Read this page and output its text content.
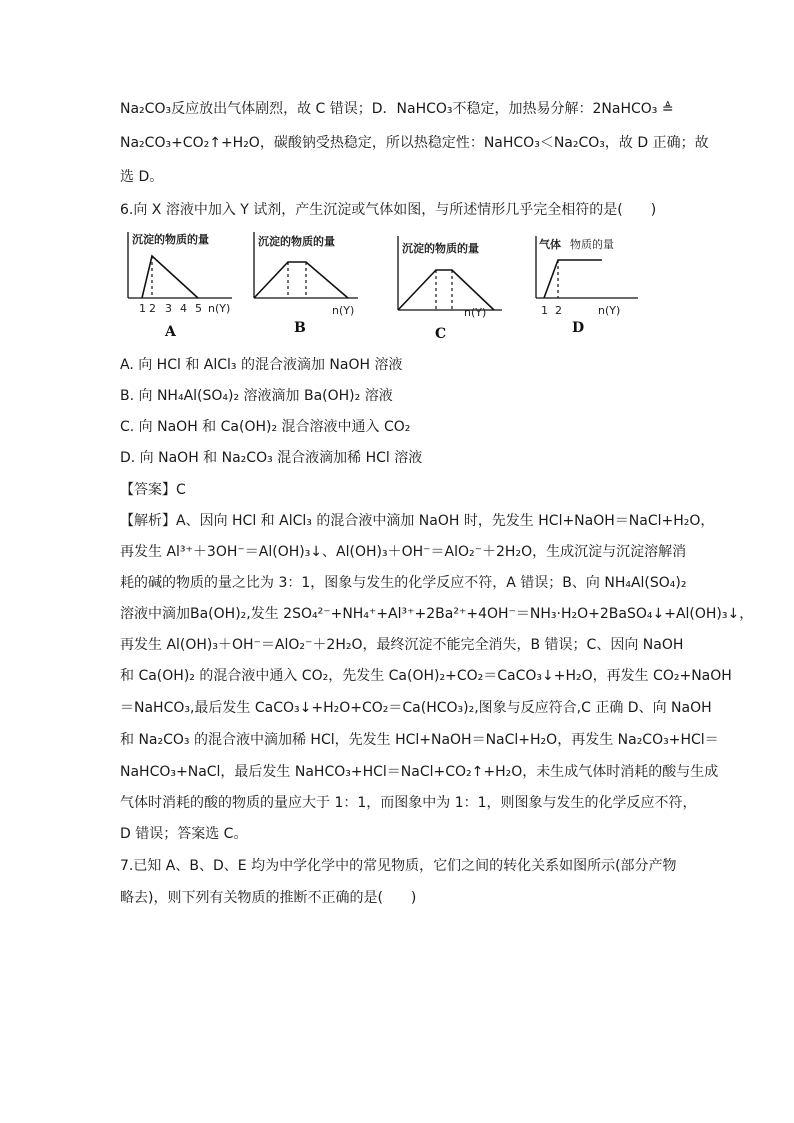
Na₂CO₃反应放出气体剧烈，故 C 错误；D．NaHCO₃不稳定，加热易分解：2NaHCO₃ ≜
Na₂CO₃+CO₂↑+H₂O，碳酸钠受热稳定，所以热稳定性：NaHCO₃＜Na₂CO₃，故 D 正确；故
选 D。
6.向 X 溶液中加入 Y 试剂，产生沉淀或气体如图，与所述情形几乎完全相符的是(　　)
沉淀的物质的量
1 2 3 4 5 n(Y)
A
沉淀的物质的量
n(Y)
B
沉淀的物质的量
n(Y)
C
气体 物质的量
1 2	n(Y)
D
A. 向 HCl 和 AlCl₃ 的混合液滴加 NaOH 溶液
B. 向 NH₄Al(SO₄)₂ 溶液滴加 Ba(OH)₂ 溶液
C. 向 NaOH 和 Ca(OH)₂ 混合溶液中通入 CO₂
D. 向 NaOH 和 Na₂CO₃ 混合液滴加稀 HCl 溶液
【答案】C
【解析】A、因向 HCl 和 AlCl₃ 的混合液中滴加 NaOH 时，先发生 HCl+NaOH＝NaCl+H₂O，
再发生 Al³⁺＋3OH⁻＝Al(OH)₃↓、Al(OH)₃＋OH⁻＝AlO₂⁻＋2H₂O，生成沉淀与沉淀溶解消
耗的碱的物质的量之比为 3：1，图象与发生的化学反应不符，A 错误；B、向 NH₄Al(SO₄)₂
溶液中滴加Ba(OH)₂,发生 2SO₄²⁻+NH₄⁺+Al³⁺+2Ba²⁺+4OH⁻＝NH₃·H₂O+2BaSO₄↓+Al(OH)₃↓，
再发生 Al(OH)₃＋OH⁻＝AlO₂⁻＋2H₂O，最终沉淀不能完全消失，B 错误；C、因向 NaOH
和 Ca(OH)₂ 的混合液中通入 CO₂，先发生 Ca(OH)₂+CO₂＝CaCO₃↓+H₂O，再发生 CO₂+NaOH
＝NaHCO₃,最后发生 CaCO₃↓+H₂O+CO₂＝Ca(HCO₃)₂,图象与反应符合,C 正确 D、向 NaOH
和 Na₂CO₃ 的混合液中滴加稀 HCl，先发生 HCl+NaOH＝NaCl+H₂O，再发生 Na₂CO₃+HCl＝
NaHCO₃+NaCl，最后发生 NaHCO₃+HCl＝NaCl+CO₂↑+H₂O，未生成气体时消耗的酸与生成
气体时消耗的酸的物质的量应大于 1：1，而图象中为 1：1，则图象与发生的化学反应不符，
D 错误；答案选 C。
7.已知 A、B、D、E 均为中学化学中的常见物质，它们之间的转化关系如图所示(部分产物
略去)，则下列有关物质的推断不正确的是(　　)
